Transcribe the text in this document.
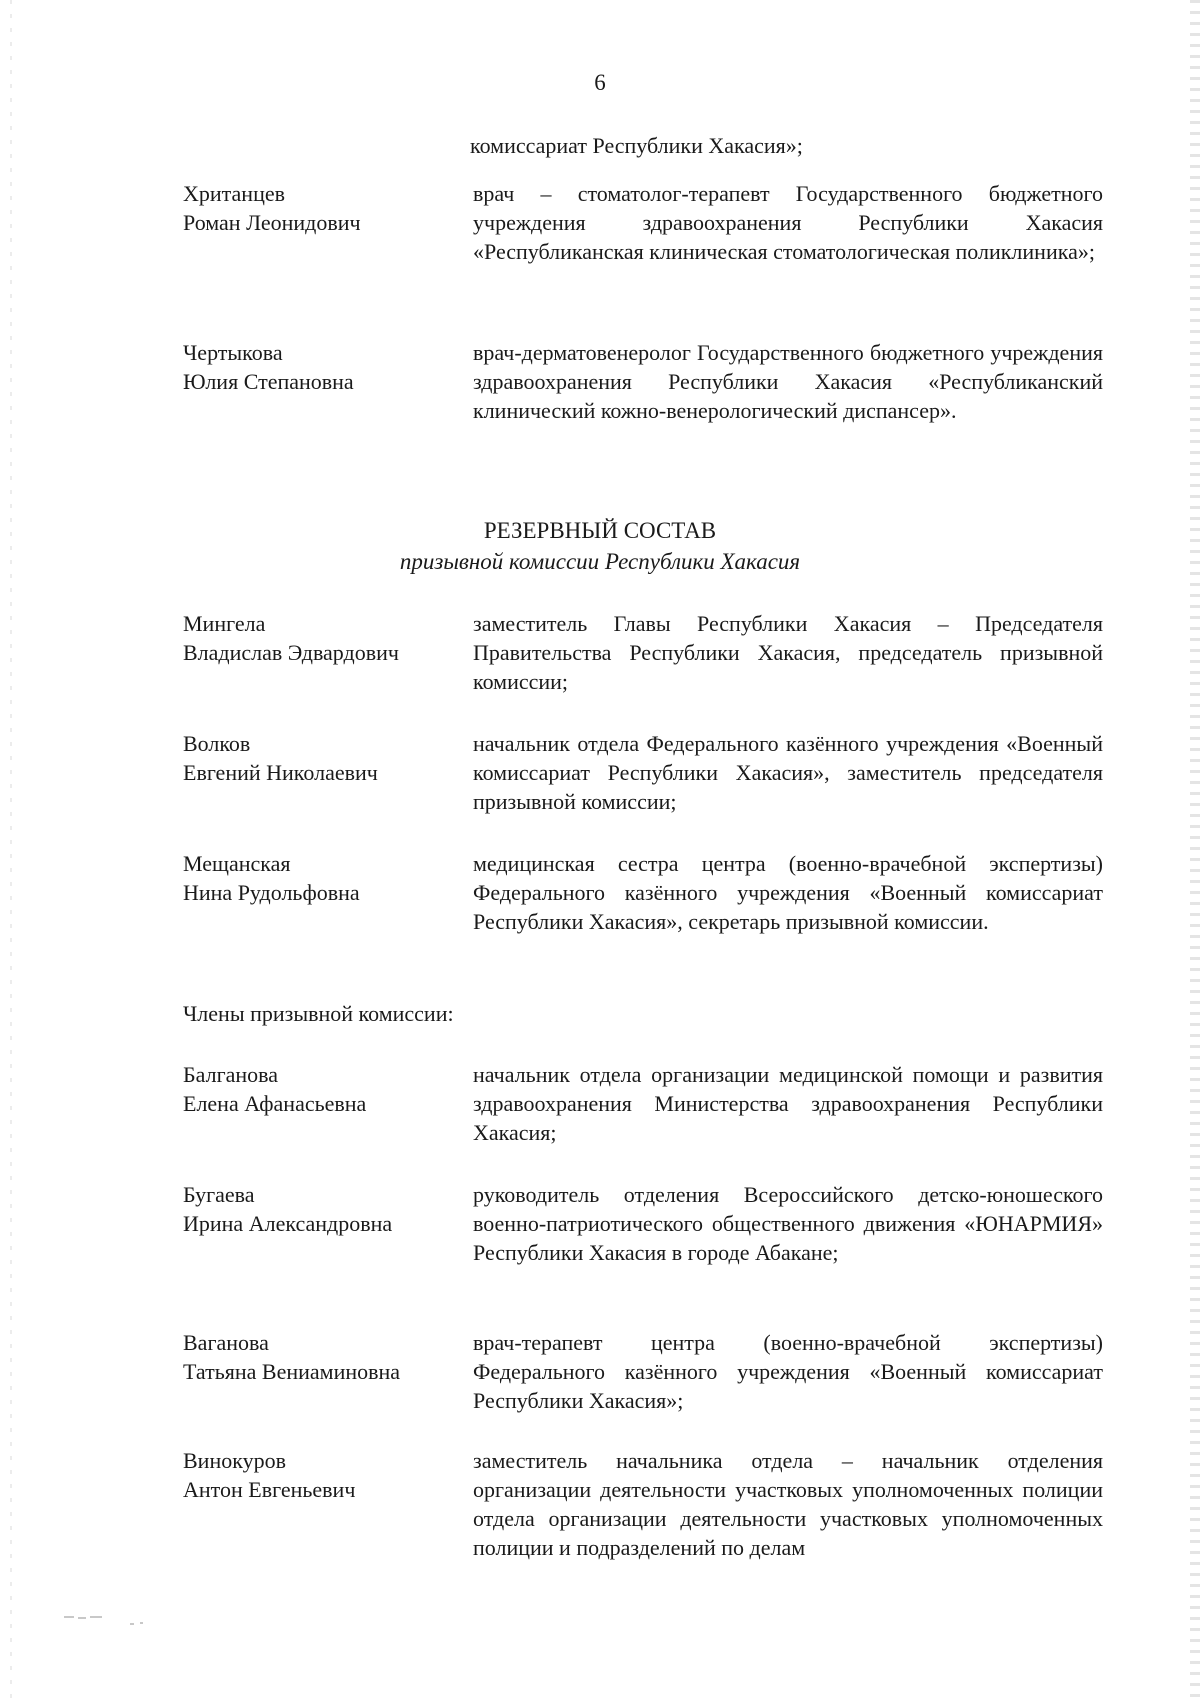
6
комиссариат Республики Хакасия»;
Хританцев
Роман Леонидович
врач – стоматолог-терапевт Государственного бюджетного учреждения здравоохранения Республики Хакасия «Республиканская клиническая стоматологическая поликлиника»;
Чертыкова
Юлия Степановна
врач-дерматовенеролог Государственного бюджетного учреждения здравоохранения Республики Хакасия «Республиканский клинический кожно-венерологический диспансер».
РЕЗЕРВНЫЙ СОСТАВ
призывной комиссии Республики Хакасия
Мингела
Владислав Эдвардович
заместитель Главы Республики Хакасия – Председателя Правительства Республики Хакасия, председатель призывной комиссии;
Волков
Евгений Николаевич
начальник отдела Федерального казённого учреждения «Военный комиссариат Республики Хакасия», заместитель председателя призывной комиссии;
Мещанская
Нина Рудольфовна
медицинская сестра центра (военно-врачебной экспертизы) Федерального казённого учреждения «Военный комиссариат Республики Хакасия», секретарь призывной комиссии.
Члены призывной комиссии:
Балганова
Елена Афанасьевна
начальник отдела организации медицинской помощи и развития здравоохранения Министерства здравоохранения Республики Хакасия;
Бугаева
Ирина Александровна
руководитель отделения Всероссийского детско-юношеского военно-патриотического общественного движения «ЮНАРМИЯ» Республики Хакасия в городе Абакане;
Ваганова
Татьяна Вениаминовна
врач-терапевт центра (военно-врачебной экспертизы) Федерального казённого учреждения «Военный комиссариат Республики Хакасия»;
Винокуров
Антон Евгеньевич
заместитель начальника отдела – начальник отделения организации деятельности участковых уполномоченных полиции отдела организации деятельности участковых уполномоченных полиции и подразделений по делам
